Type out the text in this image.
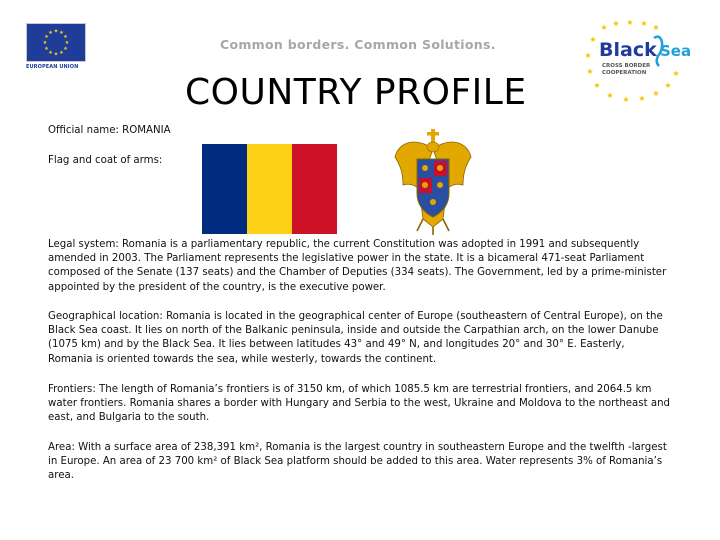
★ ★
★
★
★
★
★
★
★
★
★
★
EUROPEAN UNION
Common borders. Common Solutions.
★ ★ ★ ★ ★
★
★
★
★
★ ★ ★
★
★
★
Black Sea
CROSS BORDER
COOPERATION
COUNTRY PROFILE
Official name: ROMANIA
Flag and coat of arms:

Legal system: Romania is a parliamentary republic, the current Constitution was adopted in 1991 and subsequently amended in 2003. The Parliament represents the legislative power in the state. It is a bicameral 471-seat Parliament composed of the Senate (137 seats) and the Chamber of Deputies (334 seats). The Government, led by a prime-minister appointed by the president of the country, is the executive power.

Geographical location: Romania is located in the geographical center of Europe (southeastern of Central Europe), on the Black Sea coast. It lies on north of the Balkanic peninsula, inside and outside the Carpathian arch, on the lower Danube (1075 km) and by the Black Sea. It lies between latitudes 43° and 49° N, and longitudes 20° and 30° E. Easterly, Romania is oriented towards the sea, while westerly, towards the continent.

Frontiers: The length of Romania’s frontiers is of 3150 km, of which 1085.5 km are terrestrial frontiers, and 2064.5 km water frontiers. Romania shares a border with Hungary and Serbia to the west, Ukraine and Moldova to the northeast and east, and Bulgaria to the south.

Area: With a surface area of 238,391 km², Romania is the largest country in southeastern Europe and the twelfth -largest in Europe. An area of 23 700 km² of Black Sea platform should be added to this area. Water represents 3% of Romania’s area.
